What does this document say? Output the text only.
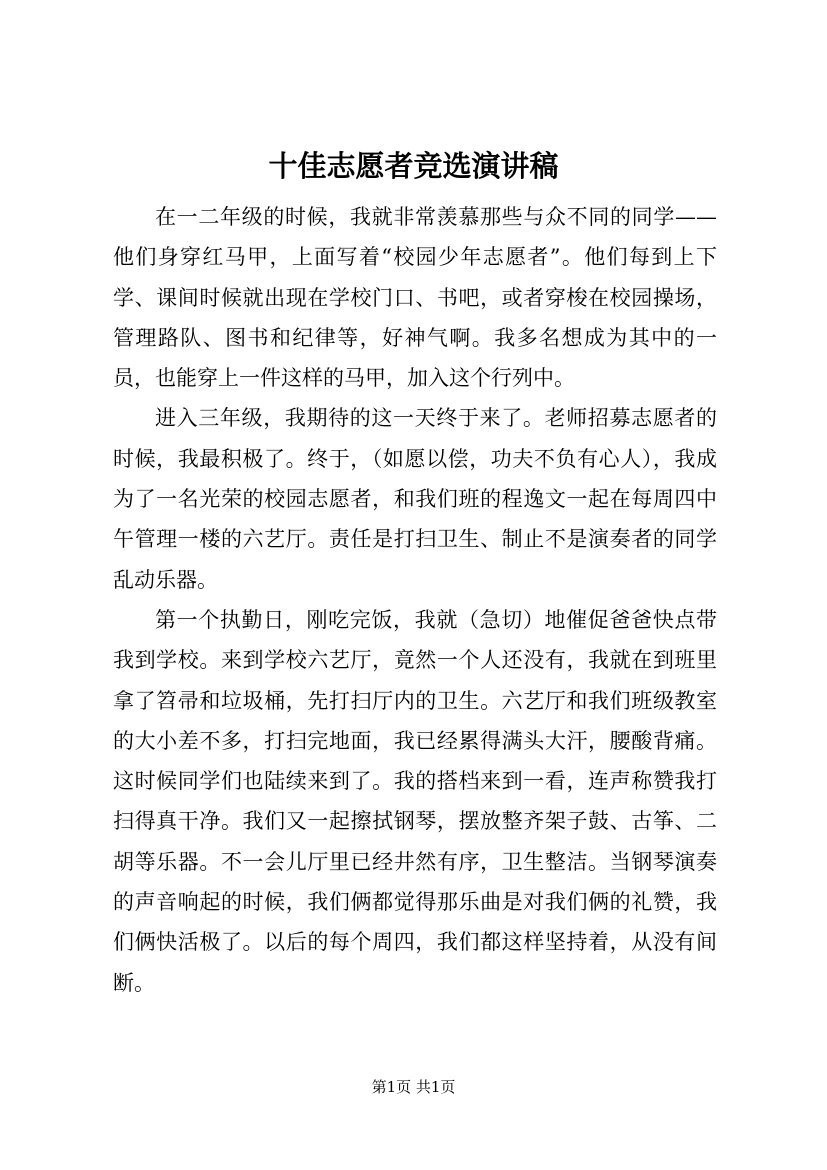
十佳志愿者竞选演讲稿

在一二年级的时候，我就非常羡慕那些与众不同的同学——他们身穿红马甲，上面写着“校园少年志愿者”。他们每到上下学、课间时候就出现在学校门口、书吧，或者穿梭在校园操场，管理路队、图书和纪律等，好神气啊。我多名想成为其中的一员，也能穿上一件这样的马甲，加入这个行列中。

进入三年级，我期待的这一天终于来了。老师招募志愿者的时候，我最积极了。终于，（如愿以偿，功夫不负有心人），我成为了一名光荣的校园志愿者，和我们班的程逸文一起在每周四中午管理一楼的六艺厅。责任是打扫卫生、制止不是演奏者的同学乱动乐器。

第一个执勤日，刚吃完饭，我就（急切）地催促爸爸快点带我到学校。来到学校六艺厅，竟然一个人还没有，我就在到班里拿了笤帚和垃圾桶，先打扫厅内的卫生。六艺厅和我们班级教室的大小差不多，打扫完地面，我已经累得满头大汗，腰酸背痛。这时候同学们也陆续来到了。我的搭档来到一看，连声称赞我打扫得真干净。我们又一起擦拭钢琴，摆放整齐架子鼓、古筝、二胡等乐器。不一会儿厅里已经井然有序，卫生整洁。当钢琴演奏的声音响起的时候，我们俩都觉得那乐曲是对我们俩的礼赞，我们俩快活极了。以后的每个周四，我们都这样坚持着，从没有间断。

第1页 共1页
